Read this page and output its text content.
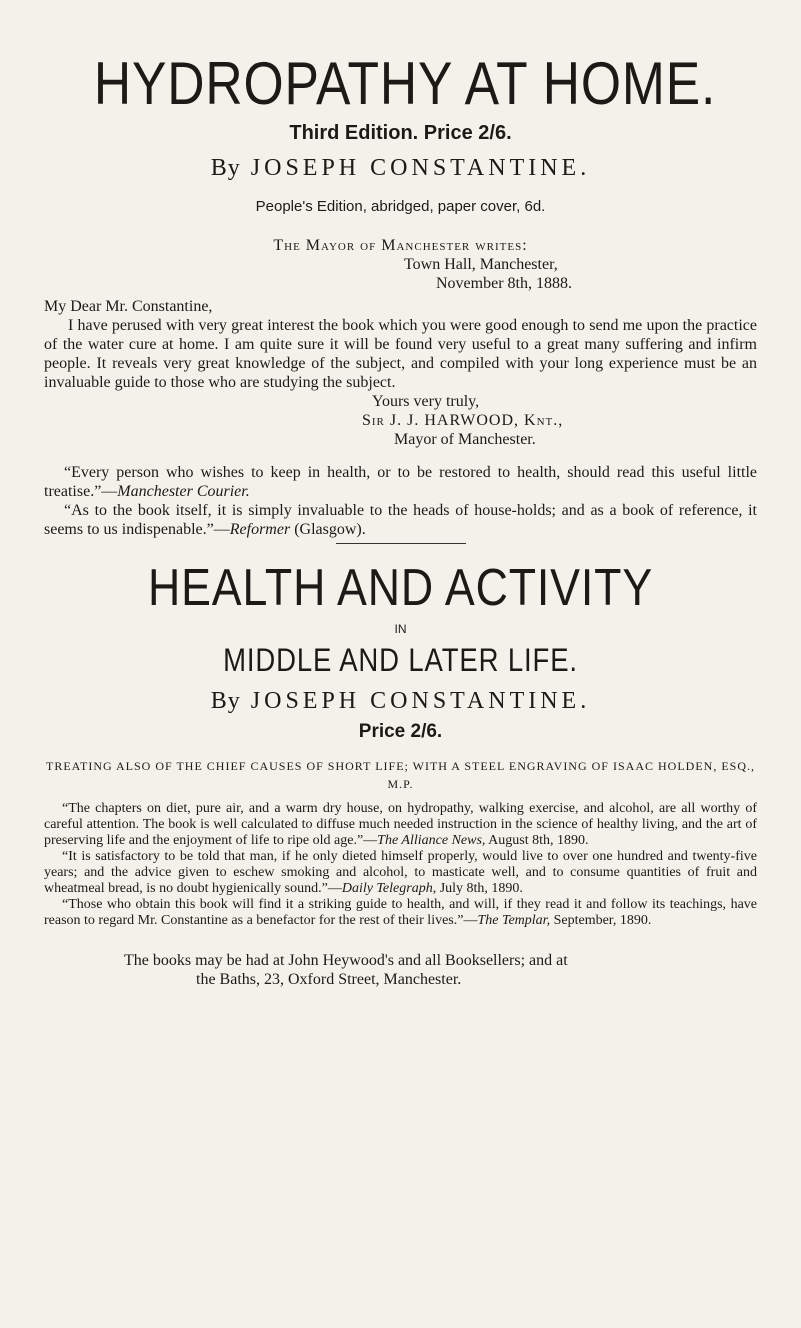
HYDROPATHY AT HOME.
Third Edition. Price 2/6.
By JOSEPH CONSTANTINE.
People's Edition, abridged, paper cover, 6d.
The Mayor of Manchester writes:
Town Hall, Manchester,
November 8th, 1888.
My Dear Mr. Constantine,
I have perused with very great interest the book which you were good enough to send me upon the practice of the water cure at home. I am quite sure it will be found very useful to a great many suffering and infirm people. It reveals very great knowledge of the subject, and compiled with your long experience must be an invaluable guide to those who are studying the subject.
Yours very truly,
Sir J. J. HARWOOD, Knt.,
Mayor of Manchester.
“Every person who wishes to keep in health, or to be restored to health, should read this useful little treatise.”—Manchester Courier.
“As to the book itself, it is simply invaluable to the heads of house-holds; and as a book of reference, it seems to us indispenable.”—Reformer (Glasgow).
HEALTH AND ACTIVITY
IN
MIDDLE AND LATER LIFE.
By JOSEPH CONSTANTINE.
Price 2/6.
TREATING ALSO OF THE CHIEF CAUSES OF SHORT LIFE; WITH A STEEL ENGRAVING OF ISAAC HOLDEN, ESQ., M.P.
“The chapters on diet, pure air, and a warm dry house, on hydropathy, walking exercise, and alcohol, are all worthy of careful attention. The book is well calculated to diffuse much needed instruction in the science of healthy living, and the art of preserving life and the enjoyment of life to ripe old age.”—The Alliance News, August 8th, 1890.
“It is satisfactory to be told that man, if he only dieted himself properly, would live to over one hundred and twenty-five years; and the advice given to eschew smoking and alcohol, to masticate well, and to consume quantities of fruit and wheatmeal bread, is no doubt hygienically sound.”—Daily Telegraph, July 8th, 1890.
“Those who obtain this book will find it a striking guide to health, and will, if they read it and follow its teachings, have reason to regard Mr. Constantine as a benefactor for the rest of their lives.”—The Templar, September, 1890.
The books may be had at John Heywood's and all Booksellers; and at
the Baths, 23, Oxford Street, Manchester.
